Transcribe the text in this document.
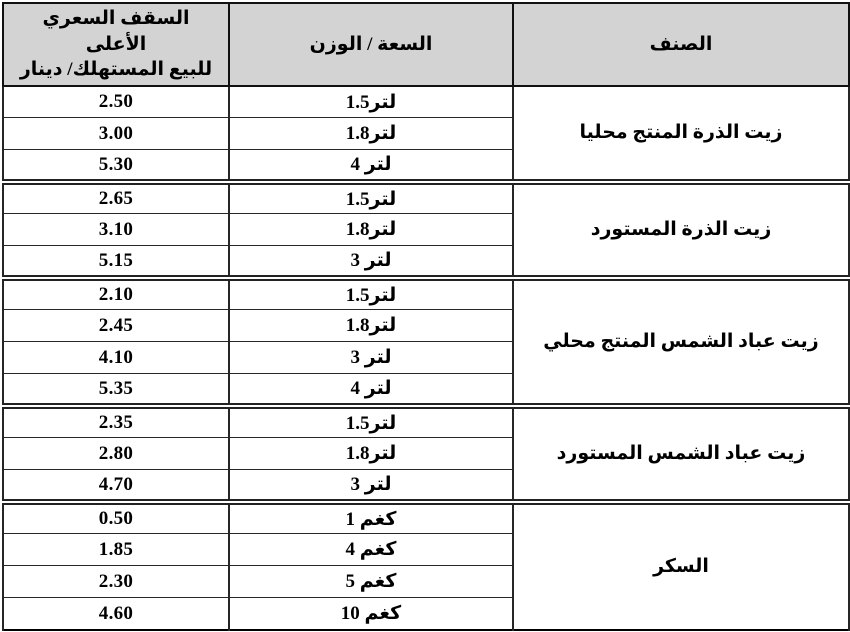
الصنف	السعة / الوزن	السقف السعري الأعلى
للبيع المستهلك/ دينار

زيت الذرة المنتج محليا	1.5لتر	2.50
	1.8لتر	3.00
	4 لتر	5.30
زيت الذرة المستورد	1.5لتر	2.65
	1.8لتر	3.10
	3 لتر	5.15
زيت عباد الشمس المنتج محلي	1.5لتر	2.10
	1.8لتر	2.45
	3 لتر	4.10
	4 لتر	5.35
زيت عباد الشمس المستورد	1.5لتر	2.35
	1.8لتر	2.80
	3 لتر	4.70
السكر	1 كغم	0.50
	4 كغم	1.85
	5 كغم	2.30
	10 كغم	4.60
